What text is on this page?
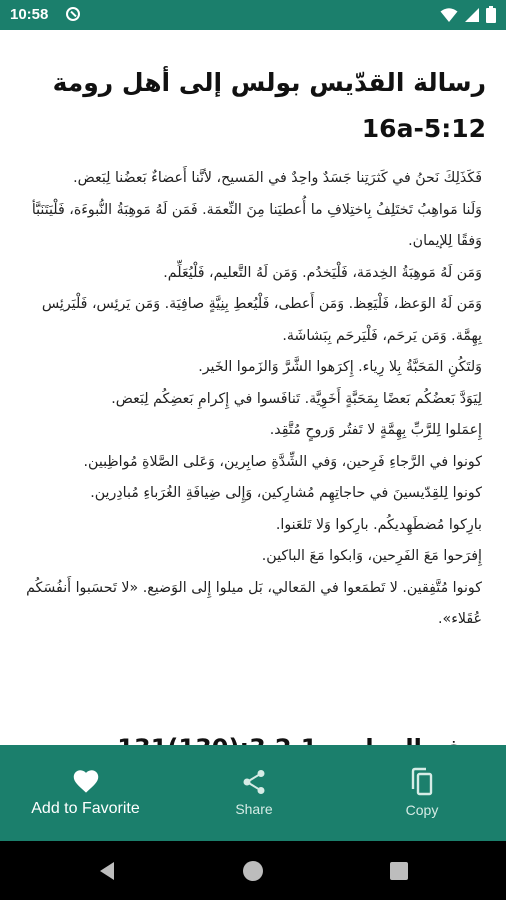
10:58
رسالة القدّيس بولس إلى أهل رومة 16a-5:12

فَكَذَلِكَ نَحنُ في كَثرَتِنا جَسَدٌ واحِدٌ في المَسيح، لأنَّنا أَعضاءٌ بَعضُنا لِبَعض.

وَلَنا مَواهِبُ تَختَلِفُ بِاختِلافِ ما أُعطيَنا مِنَ النِّعمَة. فَمَن لَهُ مَوهِبَةُ النُّبوءَة، فَلْيَتَنَبَّأ وَفقًا لِلإيمان.

وَمَن لَهُ مَوهِبَةُ الخِدمَة، فَلْيَخدُم. وَمَن لَهُ التَّعليم، فَلْيُعَلِّم.

وَمَن لَهُ الوَعظ، فَلْيَعِظ. وَمَن أَعطى، فَلْيُعطِ بِنِيَّةٍ صافِيَة. وَمَن يَرئِس، فَلْيَرئِس بِهِمَّة. وَمَن يَرحَم، فَلْيَرحَم بِبَشاشَة.

وَلتَكُنِ المَحَبَّةُ بِلا رِياء. إِكرَهوا الشَّرَّ وَالزَموا الخَير.

لِيَوَدَّ بَعضُكُم بَعضًا بِمَحَبَّةٍ أَخَوِيَّة. تَنافَسوا في إِكرامِ بَعضِكُم لِبَعض.

إِعمَلوا لِلرَّبِّ بِهِمَّةٍ لا تَفتُر وَروحٍ مُتَّقِد.

كونوا في الرَّجاءِ فَرِحين، وَفي الشِّدَّةِ صابِرين، وَعَلى الصَّلاةِ مُواظِبين.

كونوا لِلقِدّيسينَ في حاجاتِهِم مُشارِكين، وَإِلى ضِيافَةِ الغُرَباءِ مُبادِرين.

بارِكوا مُضطَهِديكُم. بارِكوا وَلا تَلعَنوا.

إِفرَحوا مَعَ الفَرِحين، وَابكوا مَعَ الباكين.

كونوا مُتَّفِقين. لا تَطمَعوا في المَعالي، بَل ميلوا إِلى الوَضيع. «لا تَحسَبوا أَنفُسَكُم عُقَلاء».

Add to Favorite	Share	Copy
